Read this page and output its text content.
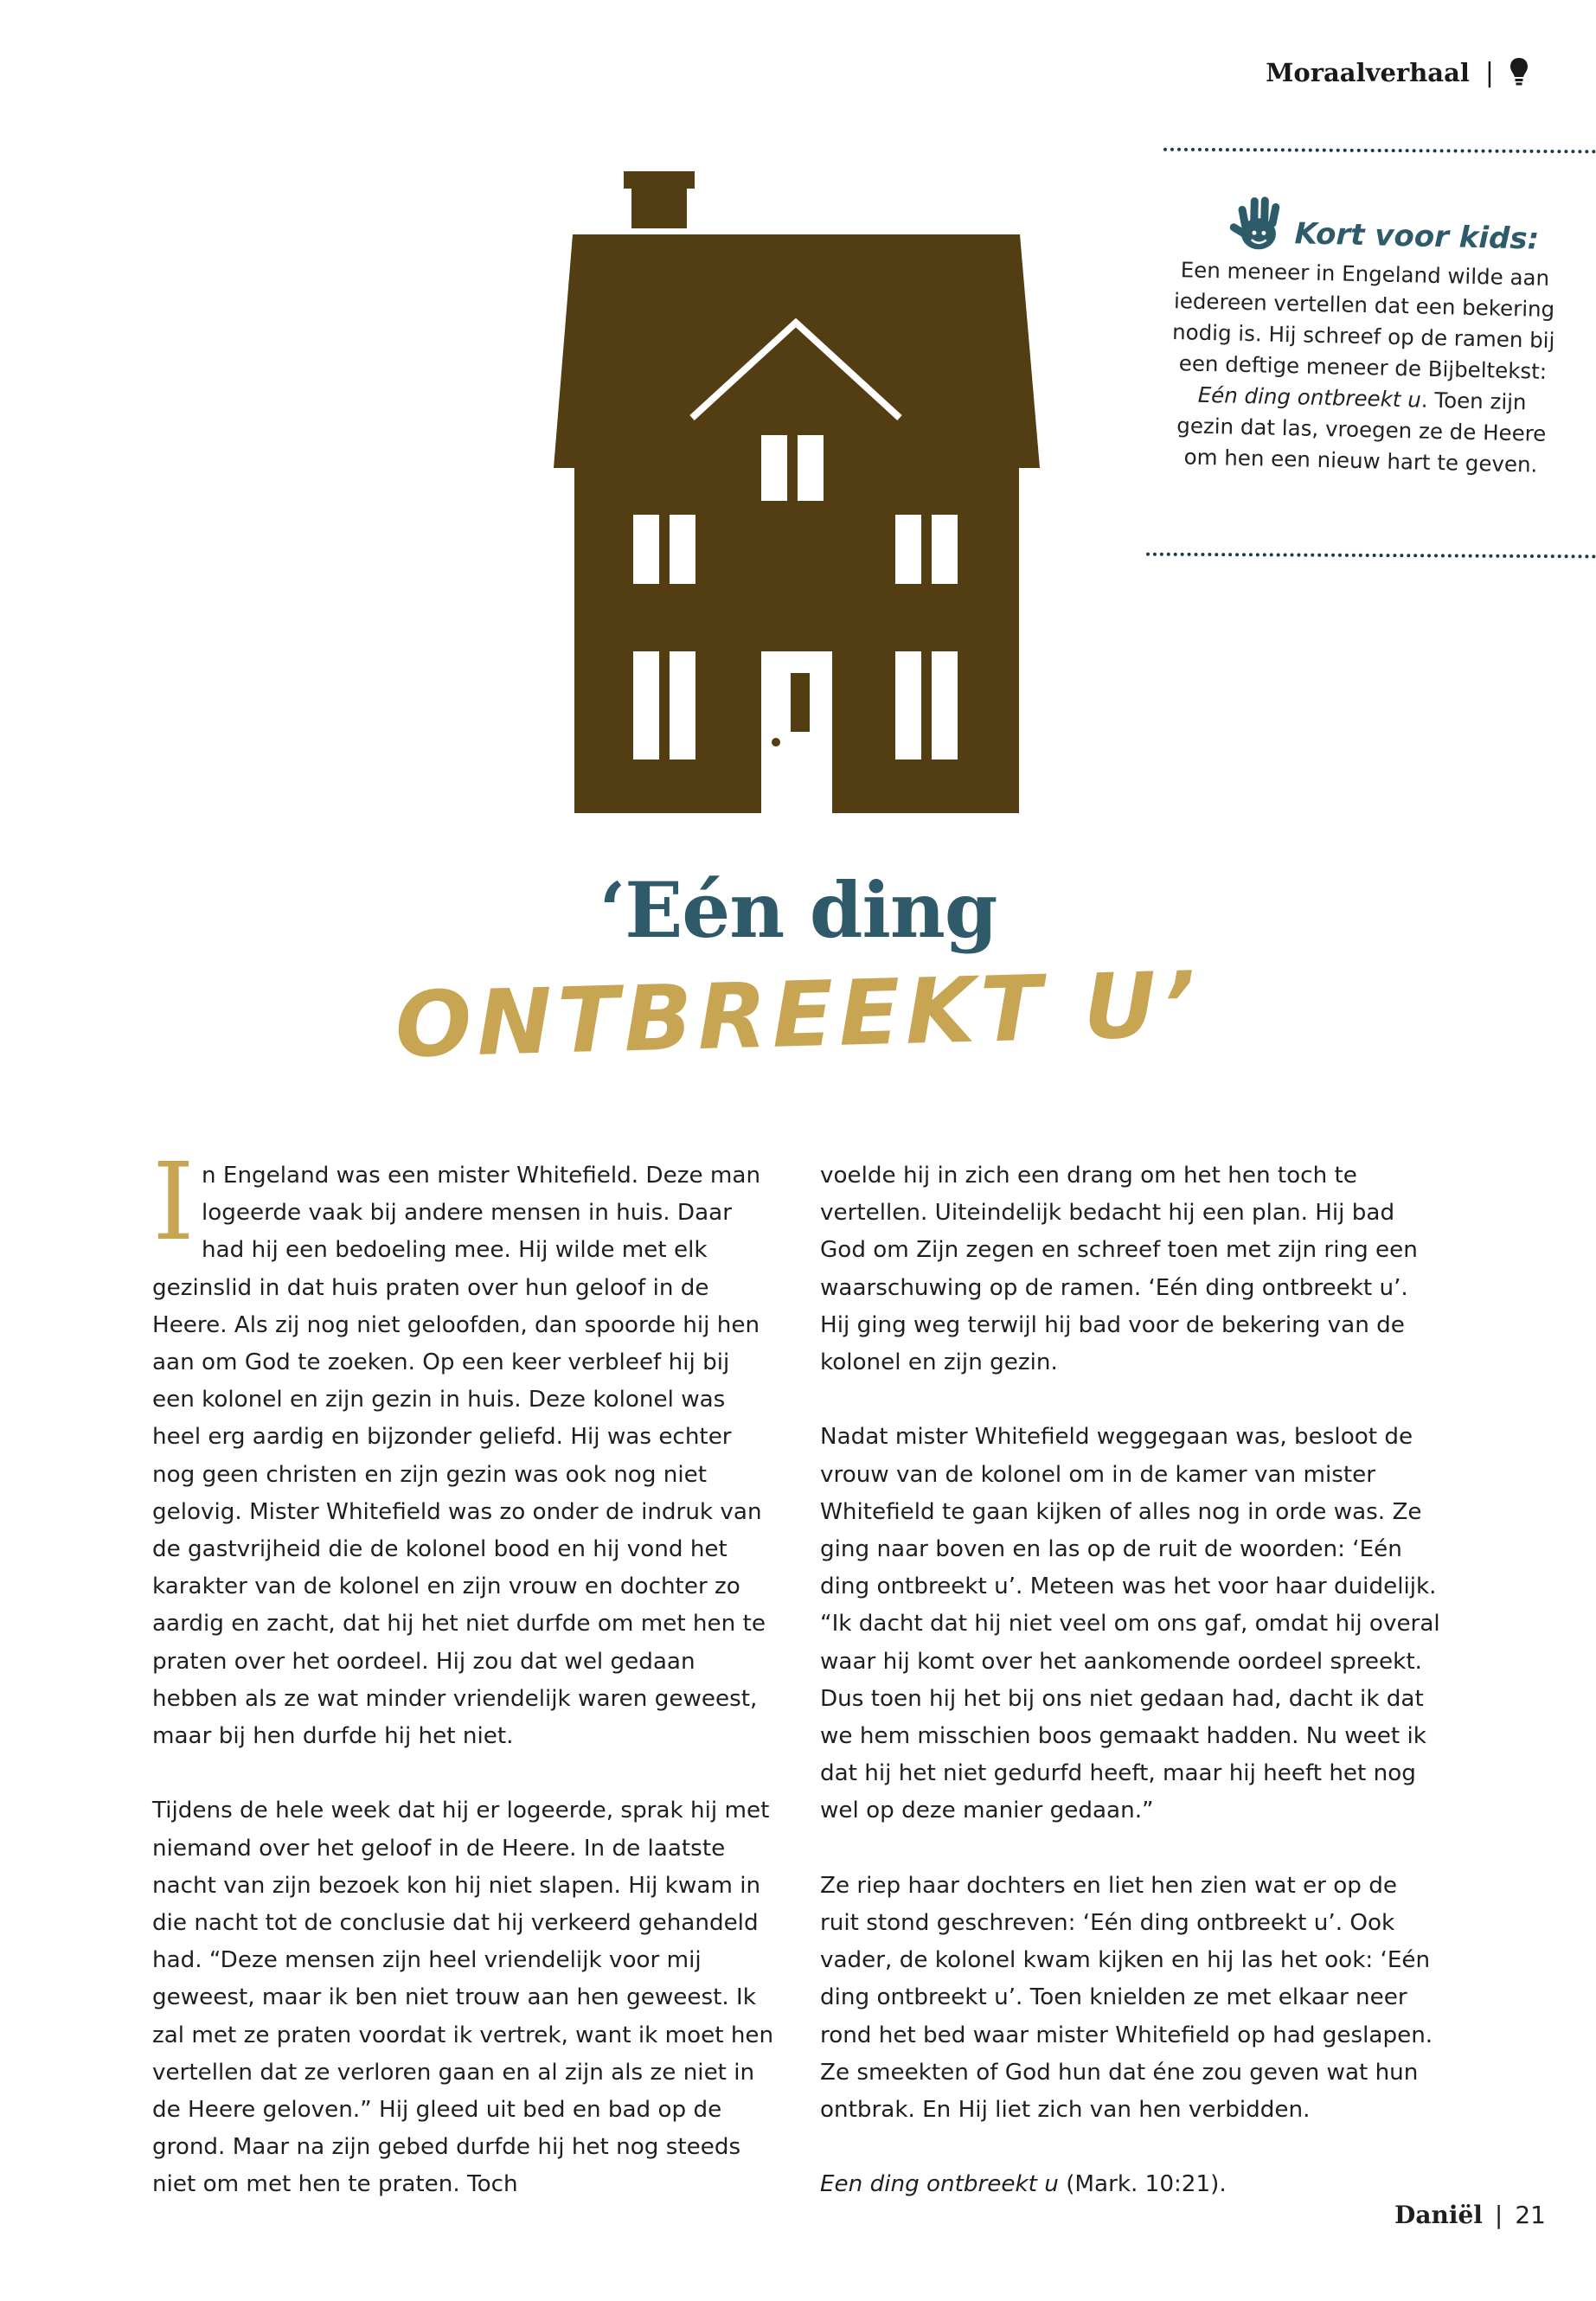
Moraalverhaal |
Kort voor kids:
Een meneer in Engeland wilde aan iedereen vertellen dat een bekering nodig is. Hij schreef op de ramen bij een deftige meneer de Bijbeltekst: Eén ding ontbreekt u. Toen zijn gezin dat las, vroegen ze de Heere om hen een nieuw hart te geven.
‘Eén ding
ONTBREEKT U’

In Engeland was een mister Whitefield. Deze man logeerde vaak bij andere mensen in huis. Daar had hij een bedoeling mee. Hij wilde met elk gezinslid in dat huis praten over hun geloof in de Heere. Als zij nog niet geloofden, dan spoorde hij hen aan om God te zoeken. Op een keer verbleef hij bij een kolonel en zijn gezin in huis. Deze kolonel was heel erg aardig en bijzonder geliefd. Hij was echter nog geen christen en zijn gezin was ook nog niet gelovig. Mister Whitefield was zo onder de indruk van de gastvrijheid die de kolonel bood en hij vond het karakter van de kolonel en zijn vrouw en dochter zo aardig en zacht, dat hij het niet durfde om met hen te praten over het oordeel. Hij zou dat wel gedaan hebben als ze wat minder vriendelijk waren geweest, maar bij hen durfde hij het niet.

Tijdens de hele week dat hij er logeerde, sprak hij met niemand over het geloof in de Heere. In de laatste nacht van zijn bezoek kon hij niet slapen. Hij kwam in die nacht tot de conclusie dat hij verkeerd gehandeld had. “Deze mensen zijn heel vriendelijk voor mij geweest, maar ik ben niet trouw aan hen geweest. Ik zal met ze praten voordat ik vertrek, want ik moet hen vertellen dat ze verloren gaan en al zijn als ze niet in de Heere geloven.” Hij gleed uit bed en bad op de grond. Maar na zijn gebed durfde hij het nog steeds niet om met hen te praten. Toch

voelde hij in zich een drang om het hen toch te vertellen. Uiteindelijk bedacht hij een plan. Hij bad God om Zijn zegen en schreef toen met zijn ring een waarschuwing op de ramen. ‘Eén ding ontbreekt u’. Hij ging weg terwijl hij bad voor de bekering van de kolonel en zijn gezin.

Nadat mister Whitefield weggegaan was, besloot de vrouw van de kolonel om in de kamer van mister Whitefield te gaan kijken of alles nog in orde was. Ze ging naar boven en las op de ruit de woorden: ‘Eén ding ontbreekt u’. Meteen was het voor haar duidelijk. “Ik dacht dat hij niet veel om ons gaf, omdat hij overal waar hij komt over het aankomende oordeel spreekt. Dus toen hij het bij ons niet gedaan had, dacht ik dat we hem misschien boos gemaakt hadden. Nu weet ik dat hij het niet gedurfd heeft, maar hij heeft het nog wel op deze manier gedaan.”

Ze riep haar dochters en liet hen zien wat er op de ruit stond geschreven: ‘Eén ding ontbreekt u’. Ook vader, de kolonel kwam kijken en hij las het ook: ‘Eén ding ontbreekt u’. Toen knielden ze met elkaar neer rond het bed waar mister Whitefield op had geslapen. Ze smeekten of God hun dat éne zou geven wat hun ontbrak. En Hij liet zich van hen verbidden.

Een ding ontbreekt u (Mark. 10:21).

Daniël | 21
